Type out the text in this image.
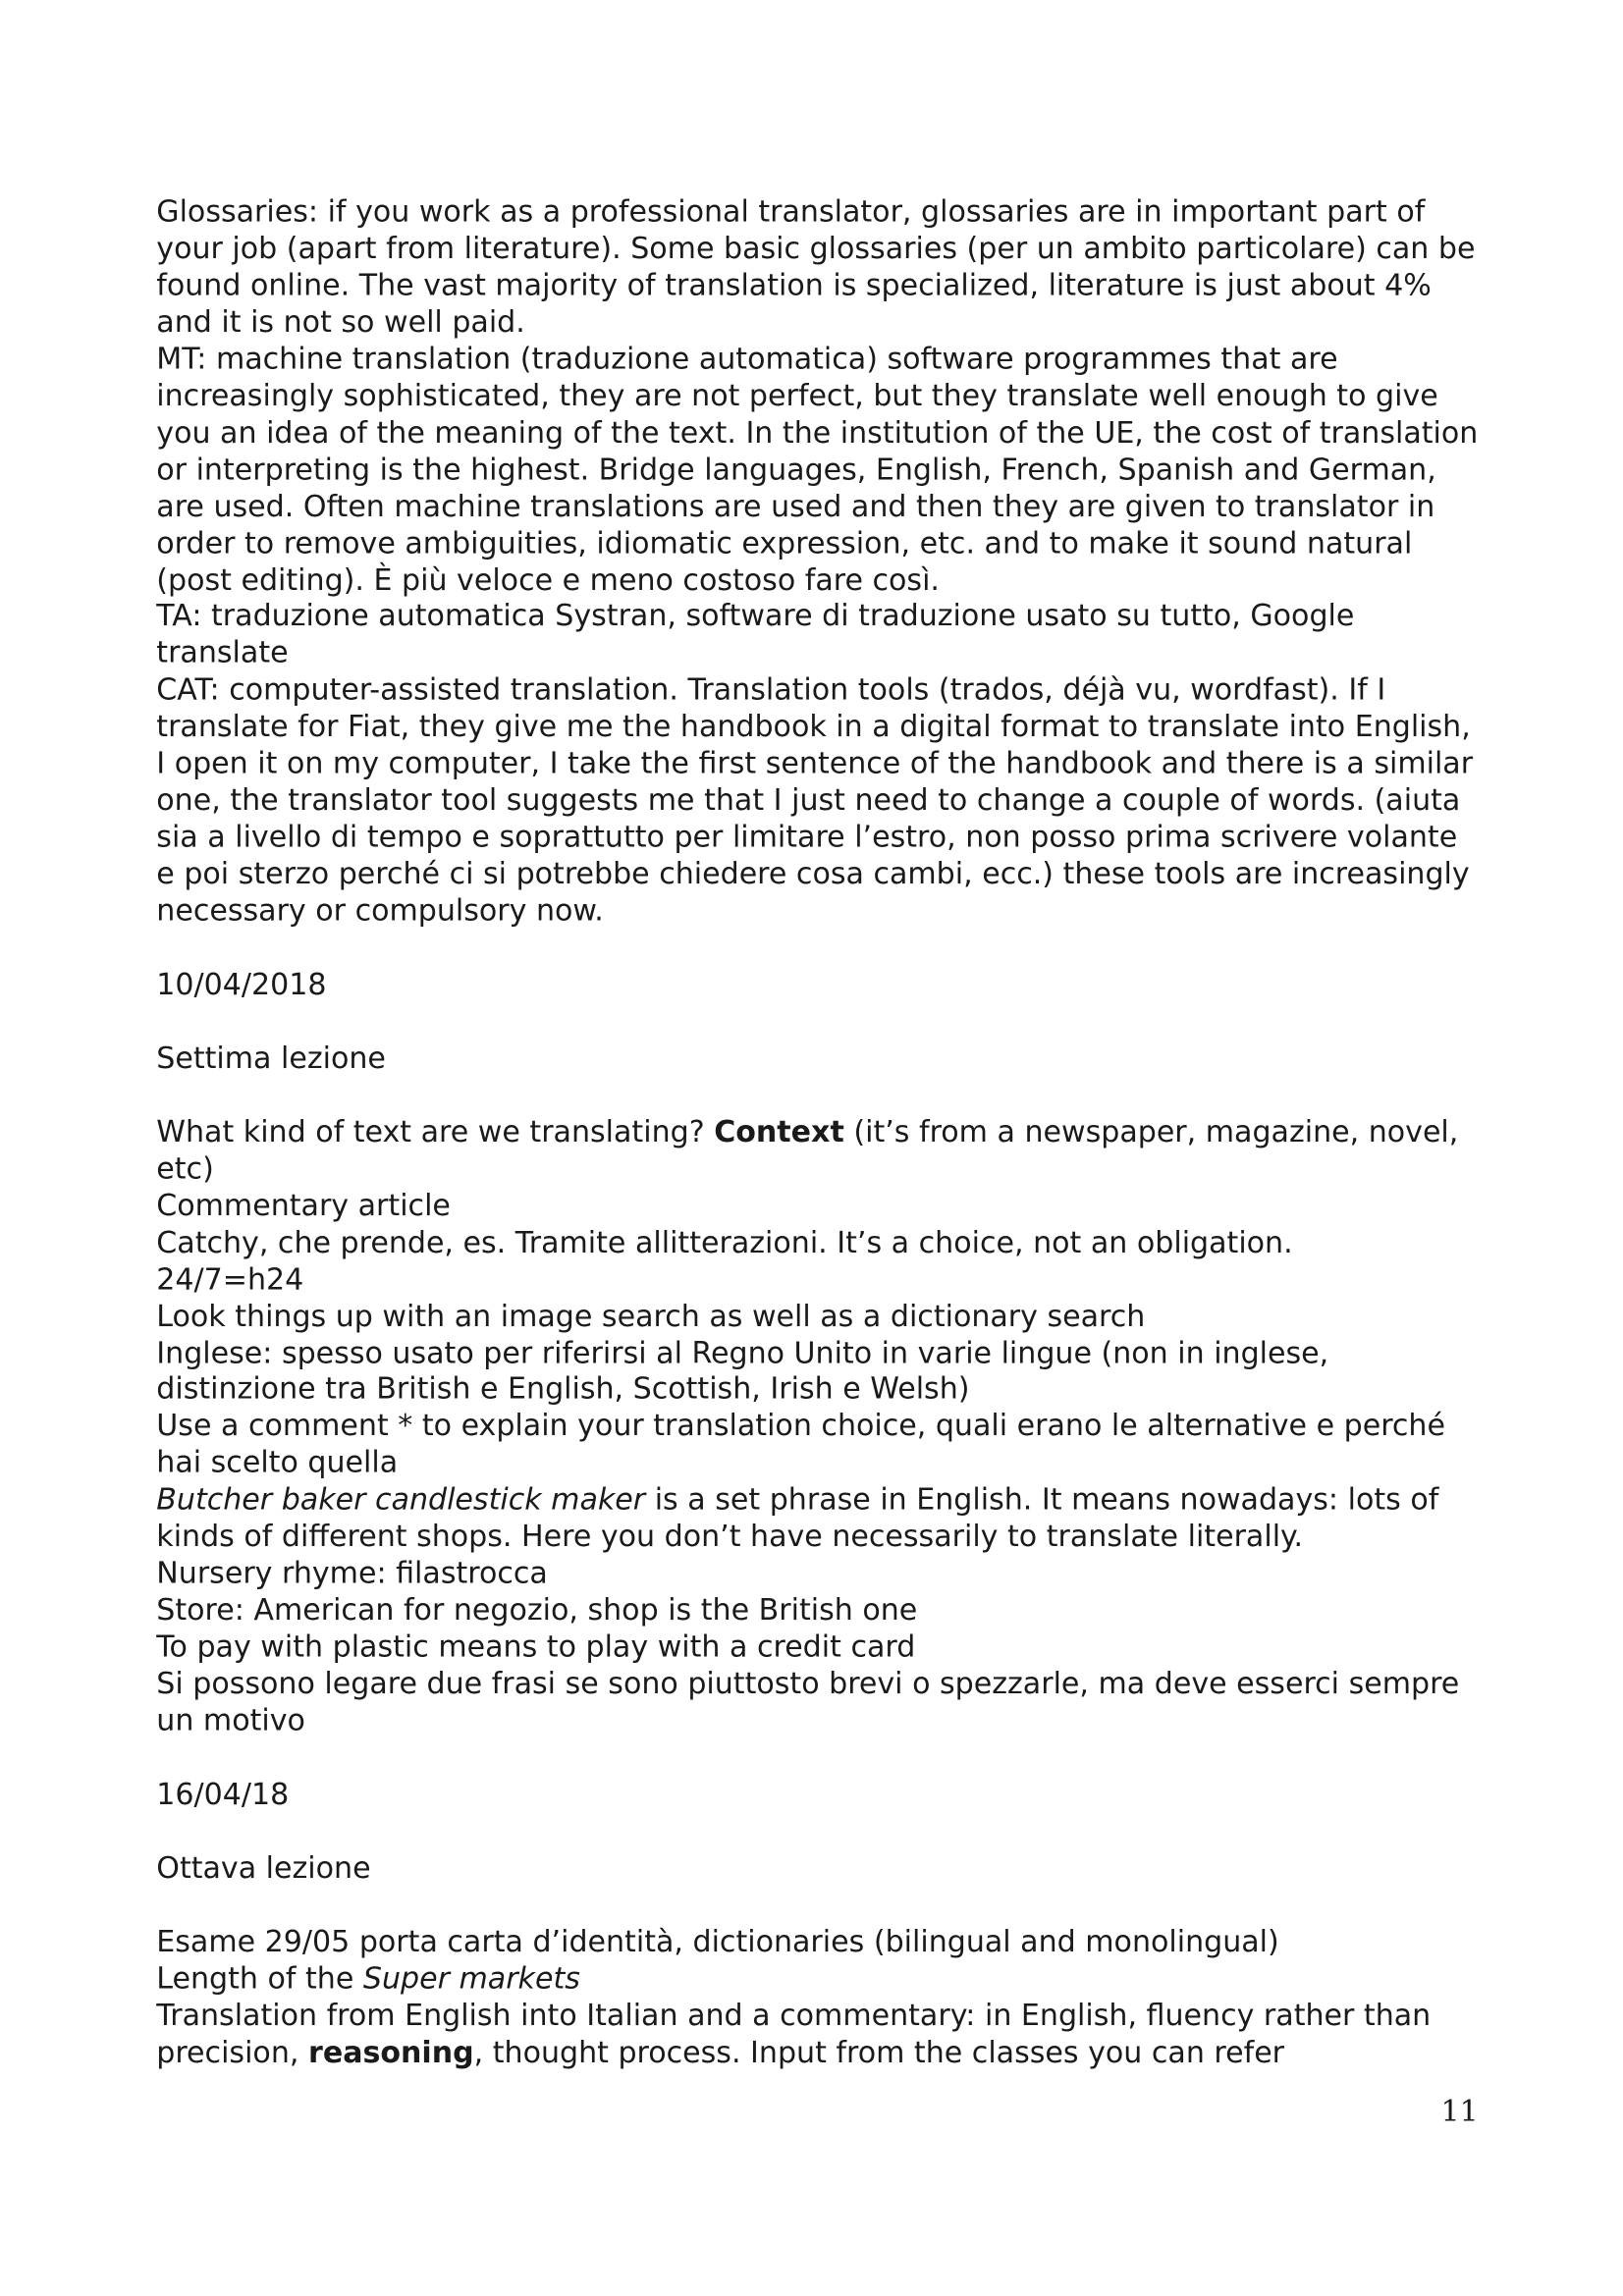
Glossaries: if you work as a professional translator, glossaries are in important part of your job (apart from literature). Some basic glossaries (per un ambito particolare) can be found online. The vast majority of translation is specialized, literature is just about 4% and it is not so well paid.

MT: machine translation (traduzione automatica) software programmes that are increasingly sophisticated, they are not perfect, but they translate well enough to give you an idea of the meaning of the text. In the institution of the UE, the cost of translation or interpreting is the highest. Bridge languages, English, French, Spanish and German, are used. Often machine translations are used and then they are given to translator in order to remove ambiguities, idiomatic expression, etc. and to make it sound natural (post editing). È più veloce e meno costoso fare così.

TA: traduzione automatica Systran, software di traduzione usato su tutto, Google translate

CAT: computer-assisted translation. Translation tools (trados, déjà vu, wordfast). If I translate for Fiat, they give me the handbook in a digital format to translate into English, I open it on my computer, I take the first sentence of the handbook and there is a similar one, the translator tool suggests me that I just need to change a couple of words. (aiuta sia a livello di tempo e soprattutto per limitare l’estro, non posso prima scrivere volante e poi sterzo perché ci si potrebbe chiedere cosa cambi, ecc.) these tools are increasingly necessary or compulsory now.

10/04/2018

Settima lezione

What kind of text are we translating? Context (it’s from a newspaper, magazine, novel, etc)

Commentary article

Catchy, che prende, es. Tramite allitterazioni. It’s a choice, not an obligation.

24/7=h24

Look things up with an image search as well as a dictionary search

Inglese: spesso usato per riferirsi al Regno Unito in varie lingue (non in inglese, distinzione tra British e English, Scottish, Irish e Welsh)

Use a comment * to explain your translation choice, quali erano le alternative e perché hai scelto quella

Butcher baker candlestick maker is a set phrase in English. It means nowadays: lots of kinds of different shops. Here you don’t have necessarily to translate literally.

Nursery rhyme: filastrocca

Store: American for negozio, shop is the British one

To pay with plastic means to play with a credit card

Si possono legare due frasi se sono piuttosto brevi o spezzarle, ma deve esserci sempre un motivo

16/04/18

Ottava lezione

Esame 29/05 porta carta d’identità, dictionaries (bilingual and monolingual)

Length of the Super markets

Translation from English into Italian and a commentary: in English, fluency rather than precision, reasoning, thought process. Input from the classes you can refer

11
